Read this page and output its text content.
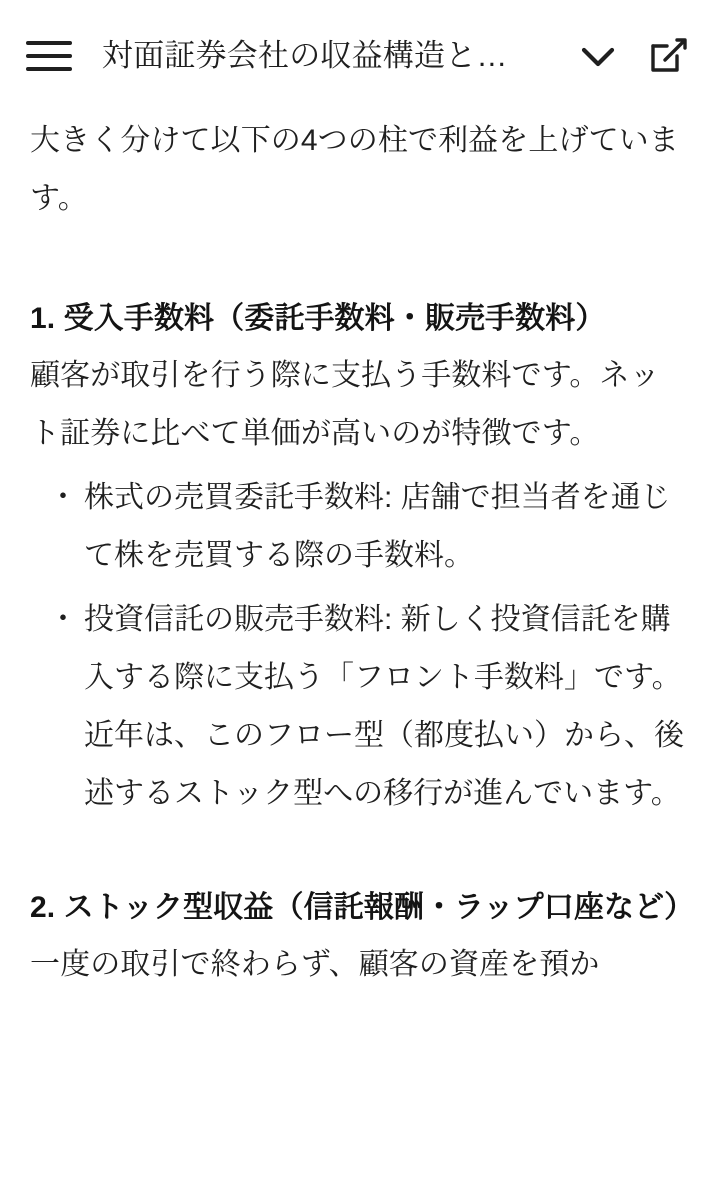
対面証券会社の収益構造と…

大きく分けて以下の4つの柱で利益を上げています。

1. 受入手数料（委託手数料・販売手数料）

顧客が取引を行う際に支払う手数料です。ネット証券に比べて単価が高いのが特徴です。

・ 株式の売買委託手数料: 店舗で担当者を通じて株を売買する際の手数料。
・ 投資信託の販売手数料: 新しく投資信託を購入する際に支払う「フロント手数料」です。近年は、このフロー型（都度払い）から、後述するストック型への移行が進んでいます。
2. ストック型収益（信託報酬・ラップ口座など）

一度の取引で終わらず、顧客の資産を預か
